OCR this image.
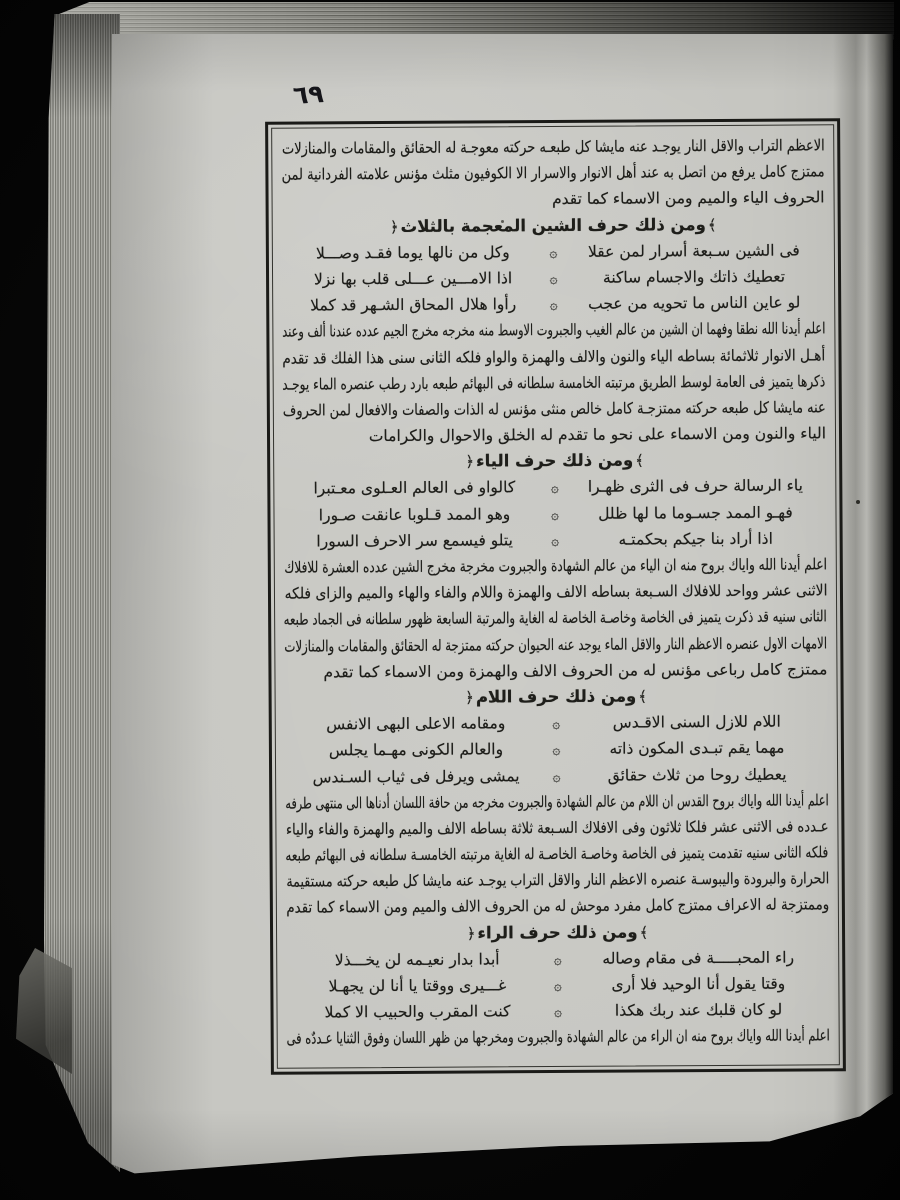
٦٩
الاعظم التراب والاقل النار يوجـد عنه مايشا كل طبعـه حركته معوجـة له الحقائق والمقامات والمنازلات
ممتزج كامل يرفع من اتصل به عند أهل الانوار والاسرار الا الكوفيون مثلث مؤنس علامته الفردانية لمن
الحروف الياء والميم ومن الاسماء كما تقدم
﴾ومن ذلك حرف الشين المعجمة بالثلاث﴿
فى الشين سـبعة أسرار لمن عقلا
۞
وكل من نالها يوما فقـد وصـــلا
تعطيك ذاتك والاجسام ساكنة
۞
اذا الامـــين عـــلى قلب بها نزلا
لو عاين الناس ما تحويه من عجب
۞
رأوا هلال المحاق الشـهر قد كملا
اعلم أيدنا الله نطقا وفهما ان الشين من عالم الغيب والجبروت الاوسط منه مخرجه مخرج الجيم عدده عندنا ألف وعند
أهـل الانوار ثلاثمائة بساطه الياء والنون والالف والهمزة والواو فلكه الثانى سنى هذا الفلك قد تقدم
ذكرها يتميز فى العامة لوسط الطريق مرتبته الخامسة سلطانه فى البهائم طبعه بارد رطب عنصره الماء يوجـد
عنه مايشا كل طبعه حركته ممتزجـة كامل خالص منثى مؤنس له الذات والصفات والافعال لمن الحروف
الياء والنون ومن الاسماء على نحو ما تقدم له الخلق والاحوال والكرامات
﴾ومن ذلك حرف الياء﴿
ياء الرسالة حرف فى الثرى ظهـرا
۞
كالواو فى العالم العـلوى معـتبرا
فهـو الممد جسـوما ما لها ظلل
۞
وهو الممد قـلوبا عانقت صـورا
اذا أراد بنا جيكم بحكمتـه
۞
يتلو فيسمع سر الاحرف السورا
اعلم أيدنا الله واياك بروح منه ان الياء من عالم الشهادة والجبروت مخرجة مخرج الشين عدده العشرة للافلاك
الاثنى عشر وواحد للافلاك السـبعة بساطه الالف والهمزة واللام والفاء والهاء والميم والزاى فلكه
الثانى سنيه قد ذكرت يتميز فى الخاصة وخاصـة الخاصة له الغاية والمرتبة السابعة ظهور سلطانه فى الجماد طبعه
الامهات الاول عنصره الاعظم النار والاقل الماء يوجد عنه الحيوان حركته ممتزجة له الحقائق والمقامات والمنازلات
ممتزج كامل رباعى مؤنس له من الحروف الالف والهمزة ومن الاسماء كما تقدم
﴾ومن ذلك حرف اللام﴿
اللام للازل السنى الاقـدس
۞
ومقامه الاعلى البهى الانفس
مهما يقم تبـدى المكون ذاته
۞
والعالم الكونى مهـما يجلس
يعطيك روحا من ثلاث حقائق
۞
يمشى ويرفل فى ثياب السـندس
اعلم أيدنا الله واياك بروح القدس ان اللام من عالم الشهادة والجبروت مخرجه من حافة اللسان أدناها الى منتهى طرفه
عـدده فى الاثنى عشر فلكا ثلاثون وفى الافلاك السـبعة ثلاثة بساطه الالف والميم والهمزة والفاء والياء
فلكه الثانى سنيه تقدمت يتميز فى الخاصة وخاصـة الخاصـة له الغاية مرتبته الخامسـة سلطانه فى البهائم طبعه
الحرارة والبرودة واليبوسـة عنصره الاعظم النار والاقل التراب يوجـد عنه مايشا كل طبعه حركته مستقيمة
وممتزجة له الاعراف ممتزج كامل مفرد موحش له من الحروف الالف والميم ومن الاسماء كما تقدم
﴾ومن ذلك حرف الراء﴿
راء المحبـــــة فى مقام وصاله
۞
أبدا بدار نعيـمه لن يخـــذلا
وقتا يقول أنا الوحيد فلا أرى
۞
غـــيرى ووقتا يا أنا لن يجهـلا
لو كان قلبك عند ربك هكذا
۞
كنت المقرب والحبيب الا كملا
اعلم أيدنا الله واياك بروح منه ان الراء من عالم الشهادة والجبروت ومخرجها من ظهر اللسان وفوق الثنايا عـددٌه فى
